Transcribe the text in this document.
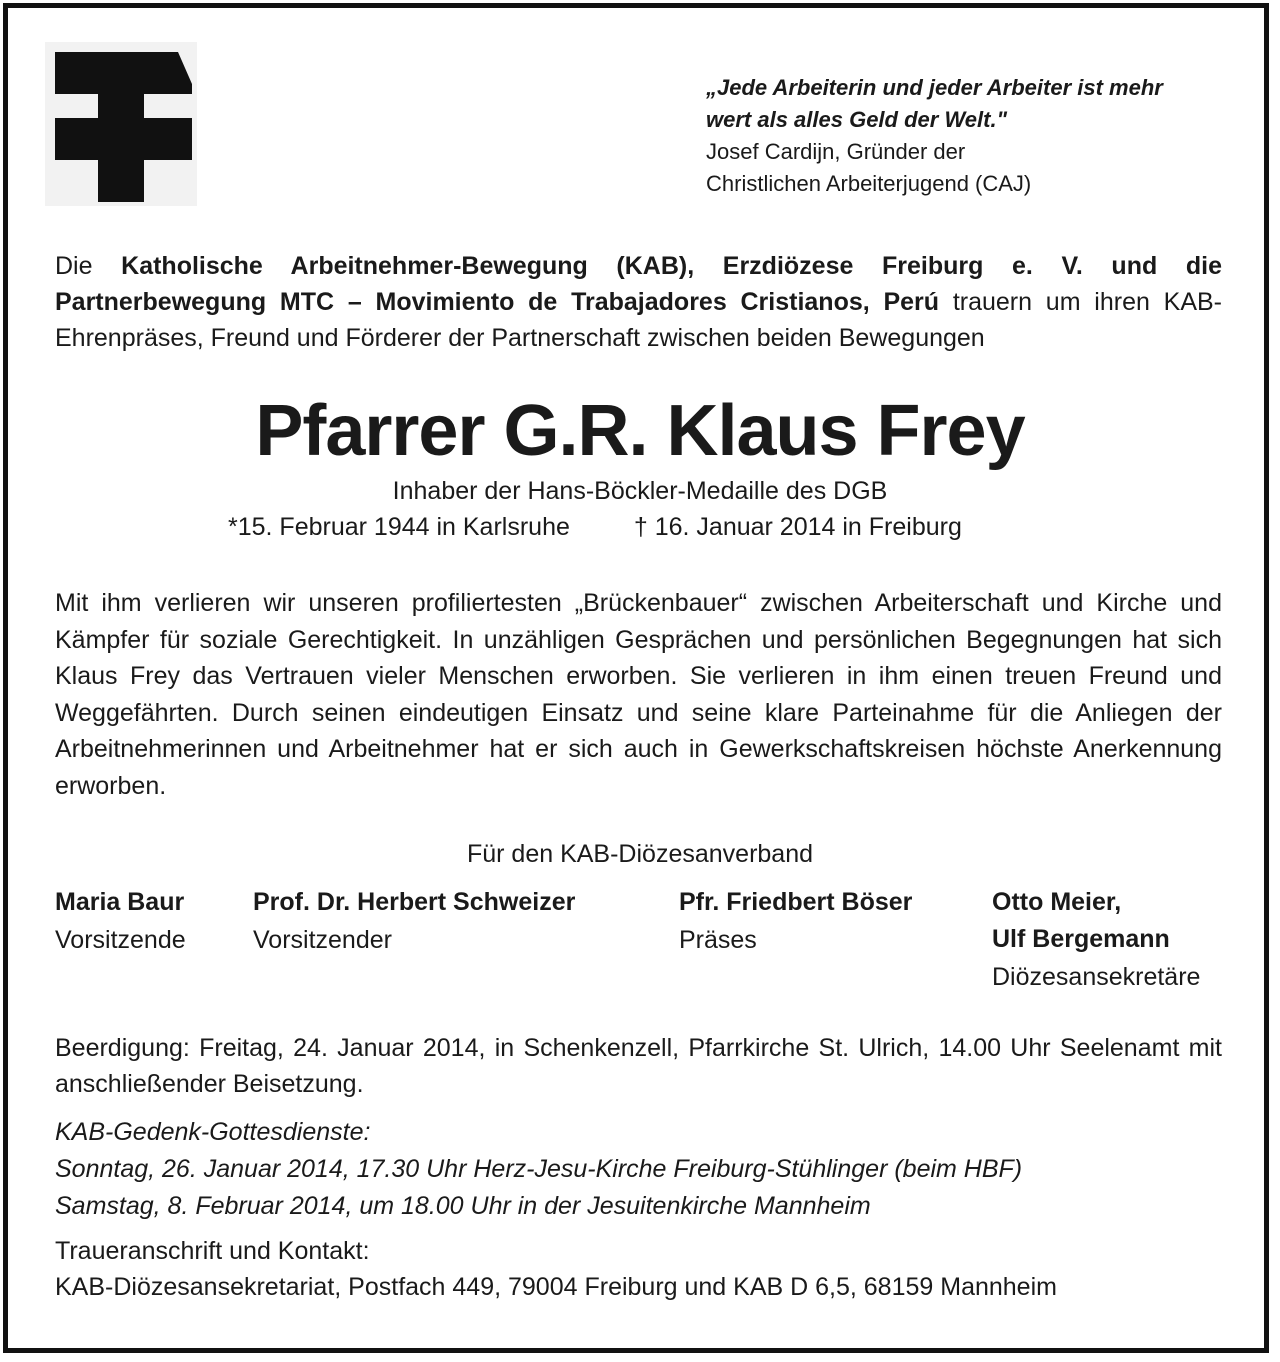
„Jede Arbeiterin und jeder Arbeiter ist mehr
wert als alles Geld der Welt."
Josef Cardijn, Gründer der
Christlichen Arbeiterjugend (CAJ)
Die Katholische Arbeitnehmer-Bewegung (KAB), Erzdiözese Freiburg e. V. und die Partnerbewegung MTC – Movimiento de Trabajadores Cristianos, Perú trauern um ihren KAB-Ehrenpräses, Freund und Förderer der Partnerschaft zwischen beiden Bewegungen
Pfarrer G.R. Klaus Frey
Inhaber der Hans-Böckler-Medaille des DGB
*15. Februar 1944 in Karlsruhe	† 16. Januar 2014 in Freiburg
Mit ihm verlieren wir unseren profiliertesten „Brückenbauer“ zwischen Arbeiterschaft und Kirche und Kämpfer für soziale Gerechtigkeit. In unzähligen Gesprächen und persönlichen Begegnungen hat sich Klaus Frey das Vertrauen vieler Menschen erworben. Sie verlieren in ihm einen treuen Freund und Weggefährten. Durch seinen eindeutigen Einsatz und seine klare Parteinahme für die Anliegen der Arbeitnehmerinnen und Arbeitnehmer hat er sich auch in Gewerkschaftskreisen höchste Anerkennung erworben.
Für den KAB-Diözesanverband
Maria Baur
Vorsitzende
Prof. Dr. Herbert Schweizer
Vorsitzender
Pfr. Friedbert Böser
Präses
Otto Meier,
Ulf Bergemann
Diözesansekretäre
Beerdigung: Freitag, 24. Januar 2014, in Schenkenzell, Pfarrkirche St. Ulrich, 14.00 Uhr Seelenamt mit anschließender Beisetzung.
KAB-Gedenk-Gottesdienste:
Sonntag, 26. Januar 2014, 17.30 Uhr Herz-Jesu-Kirche Freiburg-Stühlinger (beim HBF)
Samstag, 8. Februar 2014, um 18.00 Uhr in der Jesuitenkirche Mannheim
Traueranschrift und Kontakt:
KAB-Diözesansekretariat, Postfach 449, 79004 Freiburg und KAB D 6,5, 68159 Mannheim
